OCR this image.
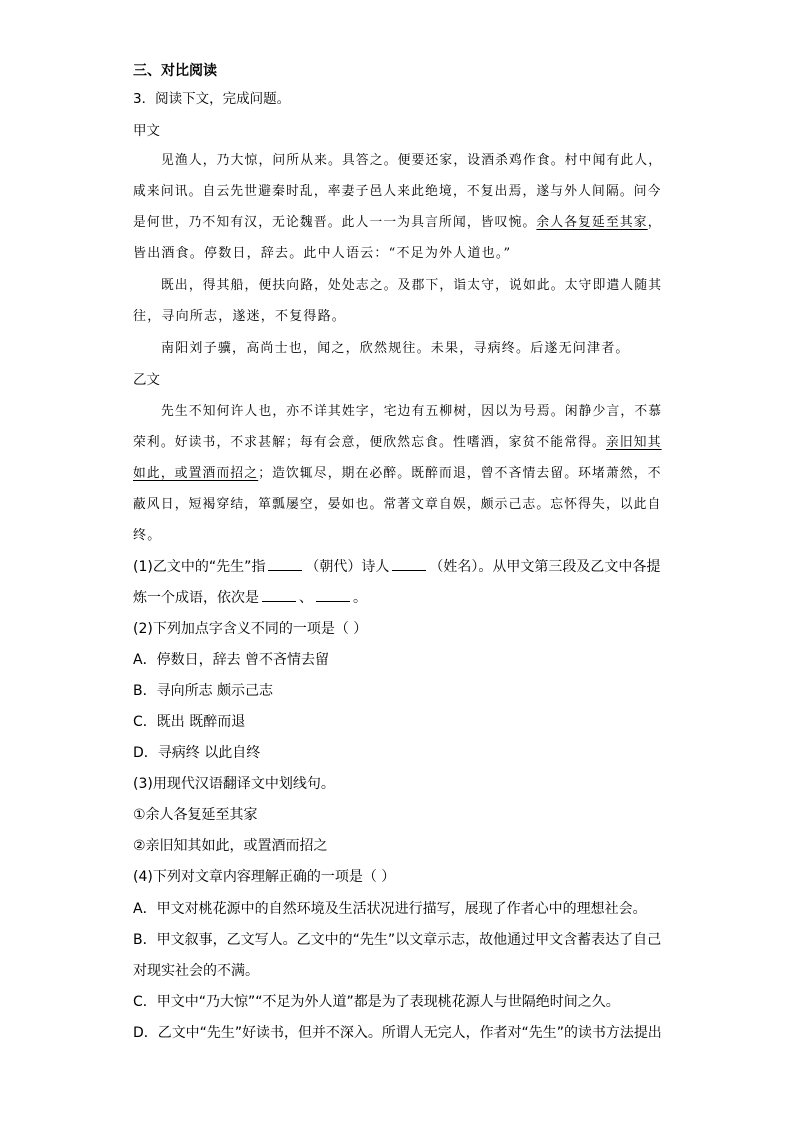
三、对比阅读
3．阅读下文，完成问题。
甲文
见渔人，乃大惊，问所从来。具答之。便要还家，设酒杀鸡作食。村中闻有此人，
咸来问讯。自云先世避秦时乱，率妻子邑人来此绝境，不复出焉，遂与外人间隔。问今
是何世，乃不知有汉，无论魏晋。此人一一为具言所闻，皆叹惋。余人各复延至其家，
皆出酒食。停数日，辞去。此中人语云：“不足为外人道也。”
既出，得其船，便扶向路，处处志之。及郡下，诣太守，说如此。太守即遣人随其
往，寻向所志，遂迷，不复得路。
南阳刘子骥，高尚士也，闻之，欣然规往。未果，寻病终。后遂无问津者。
乙文
先生不知何许人也，亦不详其姓字，宅边有五柳树，因以为号焉。闲静少言，不慕
荣利。好读书，不求甚解；每有会意，便欣然忘食。性嗜酒，家贫不能常得。亲旧知其
如此，或置酒而招之；造饮辄尽，期在必醉。既醉而退，曾不吝情去留。环堵萧然，不
蔽风日，短褐穿结，箪瓢屡空，晏如也。常著文章自娱，颇示己志。忘怀得失，以此自
终。
(1)乙文中的“先生”指	（朝代）诗人	（姓名）。从甲文第三段及乙文中各提
炼一个成语，依次是	、	。
(2)下列加点字含义不同的一项是（ ）
A．停数日，辞去 曾不吝情去留
B．寻向所志 颇示己志
C．既出 既醉而退
D．寻病终 以此自终
(3)用现代汉语翻译文中划线句。
①余人各复延至其家
②亲旧知其如此，或置酒而招之
(4)下列对文章内容理解正确的一项是（ ）
A．甲文对桃花源中的自然环境及生活状况进行描写，展现了作者心中的理想社会。
B．甲文叙事，乙文写人。乙文中的“先生”以文章示志，故他通过甲文含蓄表达了自己
对现实社会的不满。
C．甲文中“乃大惊”“不足为外人道”都是为了表现桃花源人与世隔绝时间之久。
D．乙文中“先生”好读书，但并不深入。所谓人无完人，作者对“先生”的读书方法提出
